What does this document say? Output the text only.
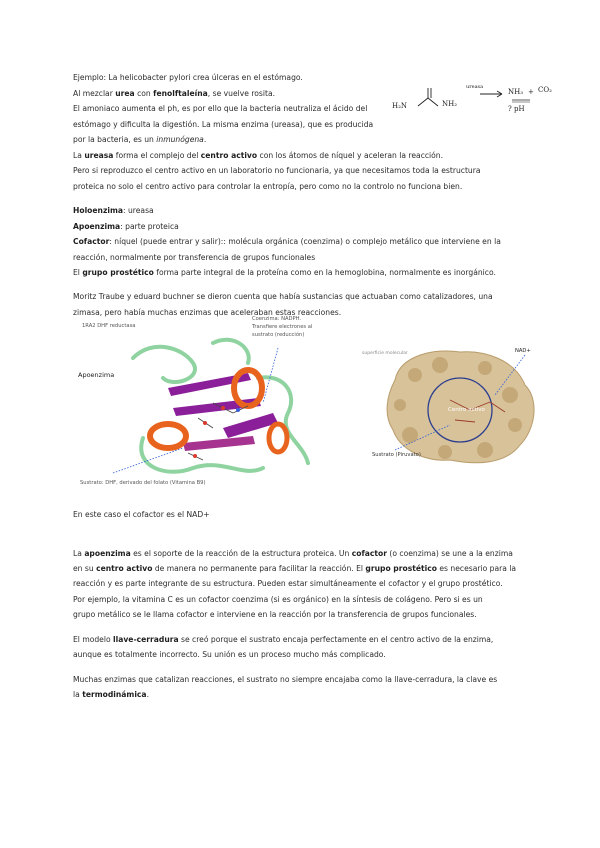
Ejemplo: La helicobacter pylori crea úlceras en el estómago.
Al mezclar urea con fenolftaleína, se vuelve rosita.
El amoniaco aumenta el ph, es por ello que la bacteria neutraliza el ácido del
estómago y dificulta la digestión. La misma enzima (ureasa), que es producida
por la bacteria, es un inmunógena.
La ureasa forma el complejo del centro activo con los átomos de níquel y aceleran la reacción.
Pero si reproduzco el centro activo en un laboratorio no funcionaria, ya que necesitamos toda la estructura
proteica no solo el centro activo para controlar la entropía, pero como no la controlo no funciona bien.
H₂N	NH₂
ureasa
NH₃ + CO₂
? pH
Holoenzima: ureasa
Apoenzima: parte proteica
Cofactor: níquel (puede entrar y salir):: molécula orgánica (coenzima) o complejo metálico que interviene en la
reacción, normalmente por transferencia de grupos funcionales
El grupo prostético forma parte integral de la proteína como en la hemoglobina, normalmente es inorgánico.
Moritz Traube y eduard buchner se dieron cuenta que había sustancias que actuaban como catalizadores, una
zimasa, pero había muchas enzimas que aceleraban estas reacciones.
1RA2 DHF reductasa
Coenzima: NADPH.
Transfiere electrones al
sustrato (reducción)
Apoenzima
Sustrato: DHF, derivado del folato (Vitamina B9)
superficie molecular	NAD+
Centro activo
Sustrato (Piruvato)
En este caso el cofactor es el NAD+
La apoenzima es el soporte de la reacción de la estructura proteica. Un cofactor (o coenzima) se une a la enzima
en su centro activo de manera no permanente para facilitar la reacción. El grupo prostético es necesario para la
reacción y es parte integrante de su estructura. Pueden estar simultáneamente el cofactor y el grupo prostético.
Por ejemplo, la vitamina C es un cofactor coenzima (si es orgánico) en la síntesis de colágeno. Pero si es un
grupo metálico se le llama cofactor e interviene en la reacción por la transferencia de grupos funcionales.
El modelo llave-cerradura se creó porque el sustrato encaja perfectamente en el centro activo de la enzima,
aunque es totalmente incorrecto. Su unión es un proceso mucho más complicado.
Muchas enzimas que catalizan reacciones, el sustrato no siempre encajaba como la llave-cerradura, la clave es
la termodinámica.
